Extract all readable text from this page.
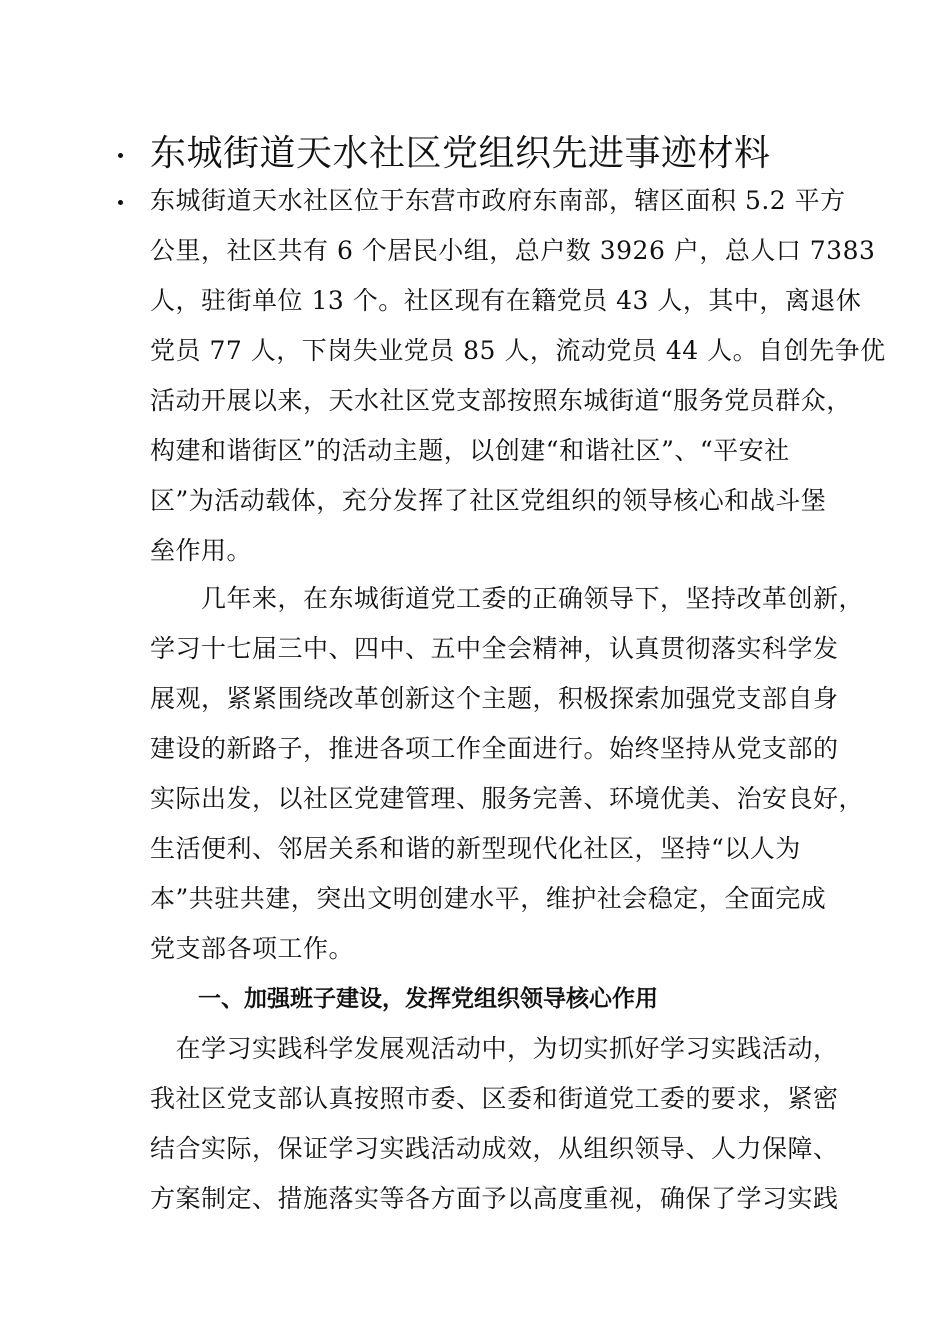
东城街道天水社区党组织先进事迹材料
东城街道天水社区位于东营市政府东南部，辖区面积 5.2 平方
公里，社区共有 6 个居民小组，总户数 3926 户，总人口 7383
人，驻街单位 13 个。社区现有在籍党员 43 人，其中，离退休
党员 77 人，下岗失业党员 85 人，流动党员 44 人。自创先争优
活动开展以来，天水社区党支部按照东城街道“服务党员群众，
构建和谐街区”的活动主题，以创建“和谐社区”、“平安社
区”为活动载体，充分发挥了社区党组织的领导核心和战斗堡
垒作用。
　　几年来，在东城街道党工委的正确领导下，坚持改革创新，
学习十七届三中、四中、五中全会精神，认真贯彻落实科学发
展观，紧紧围绕改革创新这个主题，积极探索加强党支部自身
建设的新路子，推进各项工作全面进行。始终坚持从党支部的
实际出发，以社区党建管理、服务完善、环境优美、治安良好，
生活便利、邻居关系和谐的新型现代化社区，坚持“以人为
本”共驻共建，突出文明创建水平，维护社会稳定，全面完成
党支部各项工作。
一、加强班子建设，发挥党组织领导核心作用
　在学习实践科学发展观活动中，为切实抓好学习实践活动，
我社区党支部认真按照市委、区委和街道党工委的要求，紧密
结合实际，保证学习实践活动成效，从组织领导、人力保障、
方案制定、措施落实等各方面予以高度重视，确保了学习实践
